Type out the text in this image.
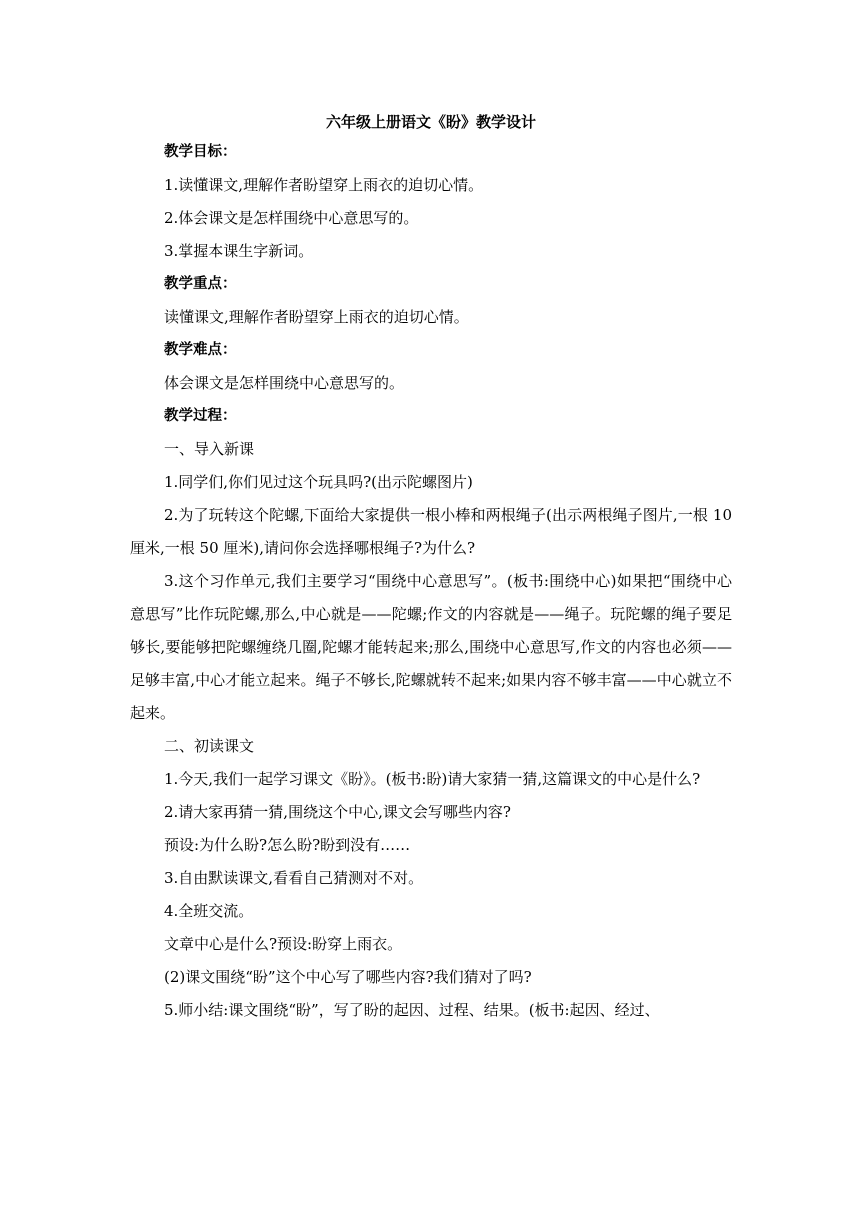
六年级上册语文《盼》教学设计

教学目标：

1.读懂课文,理解作者盼望穿上雨衣的迫切心情。

2.体会课文是怎样围绕中心意思写的。

3.掌握本课生字新词。

教学重点：

读懂课文,理解作者盼望穿上雨衣的迫切心情。

教学难点：

体会课文是怎样围绕中心意思写的。

教学过程：

一、导入新课

1.同学们,你们见过这个玩具吗?(出示陀螺图片)

2.为了玩转这个陀螺,下面给大家提供一根小棒和两根绳子(出示两根绳子图片,一根 10 厘米,一根 50 厘米),请问你会选择哪根绳子?为什么?

3.这个习作单元,我们主要学习“围绕中心意思写”。(板书:围绕中心)如果把“围绕中心意思写”比作玩陀螺,那么,中心就是——陀螺;作文的内容就是——绳子。玩陀螺的绳子要足够长,要能够把陀螺缠绕几圈,陀螺才能转起来;那么,围绕中心意思写,作文的内容也必须——足够丰富,中心才能立起来。绳子不够长,陀螺就转不起来;如果内容不够丰富——中心就立不起来。

二、初读课文

1.今天,我们一起学习课文《盼》。(板书:盼)请大家猜一猜,这篇课文的中心是什么?

2.请大家再猜一猜,围绕这个中心,课文会写哪些内容?

预设:为什么盼?怎么盼?盼到没有……

3.自由默读课文,看看自己猜测对不对。

4.全班交流。

文章中心是什么?预设:盼穿上雨衣。

(2)课文围绕“盼”这个中心写了哪些内容?我们猜对了吗?

5.师小结:课文围绕“盼”，写了盼的起因、过程、结果。(板书:起因、经过、
